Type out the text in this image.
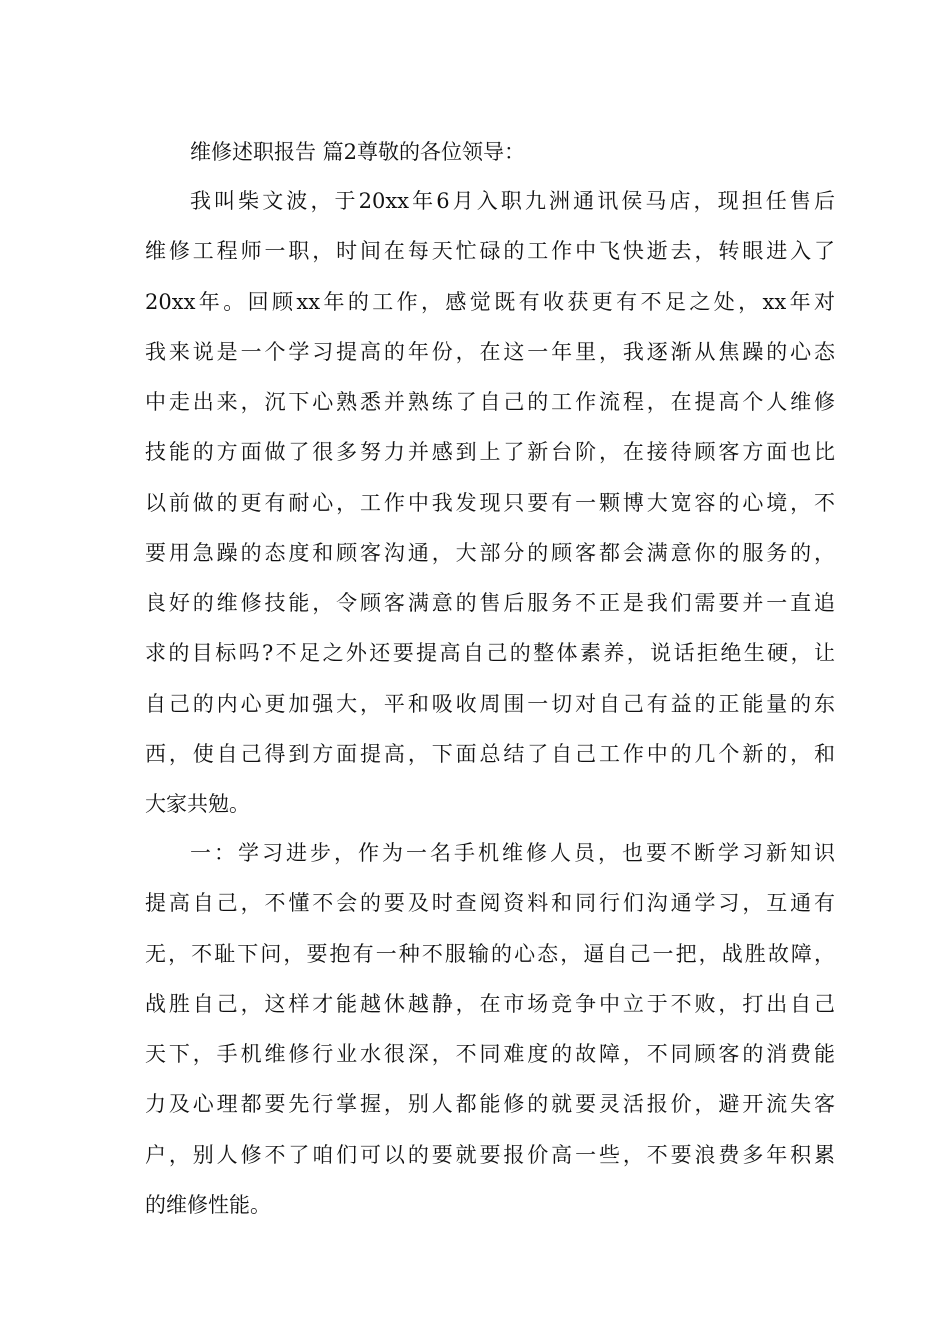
维修述职报告 篇2尊敬的各位领导：
我叫柴文波，于20xx年6月入职九洲通讯侯马店，现担任售后
维修工程师一职，时间在每天忙碌的工作中飞快逝去，转眼进入了
20xx年。回顾xx年的工作，感觉既有收获更有不足之处，xx年对
我来说是一个学习提高的年份，在这一年里，我逐渐从焦躁的心态
中走出来，沉下心熟悉并熟练了自己的工作流程，在提高个人维修
技能的方面做了很多努力并感到上了新台阶，在接待顾客方面也比
以前做的更有耐心，工作中我发现只要有一颗博大宽容的心境，不
要用急躁的态度和顾客沟通，大部分的顾客都会满意你的服务的，
良好的维修技能，令顾客满意的售后服务不正是我们需要并一直追
求的目标吗?不足之外还要提高自己的整体素养，说话拒绝生硬，让
自己的内心更加强大，平和吸收周围一切对自己有益的正能量的东
西，使自己得到方面提高，下面总结了自己工作中的几个新的，和
大家共勉。
一：学习进步，作为一名手机维修人员，也要不断学习新知识
提高自己，不懂不会的要及时查阅资料和同行们沟通学习，互通有
无，不耻下问，要抱有一种不服输的心态，逼自己一把，战胜故障，
战胜自己，这样才能越休越静，在市场竞争中立于不败，打出自己
天下，手机维修行业水很深，不同难度的故障，不同顾客的消费能
力及心理都要先行掌握，别人都能修的就要灵活报价，避开流失客
户，别人修不了咱们可以的要就要报价高一些，不要浪费多年积累
的维修性能。
